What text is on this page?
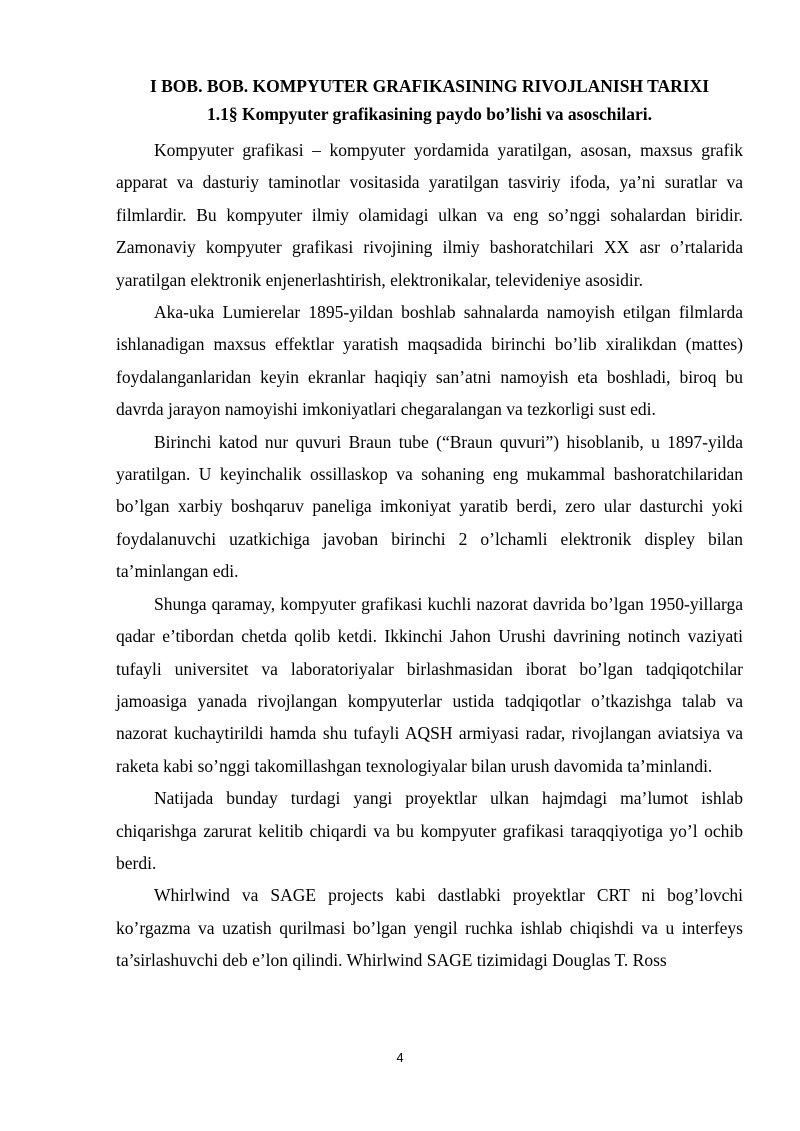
I BOB. BOB. KOMPYUTER GRAFIKASINING RIVOJLANISH TARIXI
1.1§ Kompyuter grafikasining paydo bo’lishi va asoschilari.

Kompyuter grafikasi – kompyuter yordamida yaratilgan, asosan, maxsus grafik apparat va dasturiy taminotlar vositasida yaratilgan tasviriy ifoda, ya’ni suratlar va filmlardir. Bu kompyuter ilmiy olamidagi ulkan va eng so’nggi sohalardan biridir. Zamonaviy kompyuter grafikasi rivojining ilmiy bashoratchilari XX asr o’rtalarida yaratilgan elektronik enjenerlashtirish, elektronikalar, televideniye asosidir.

Aka-uka Lumierelar 1895-yildan boshlab sahnalarda namoyish etilgan filmlarda ishlanadigan maxsus effektlar yaratish maqsadida birinchi bo’lib xiralikdan (mattes) foydalanganlaridan keyin ekranlar haqiqiy san’atni namoyish eta boshladi, biroq bu davrda jarayon namoyishi imkoniyatlari chegaralangan va tezkorligi sust edi.

Birinchi katod nur quvuri Braun tube (“Braun quvuri”) hisoblanib, u 1897-yilda yaratilgan. U keyinchalik ossillaskop va sohaning eng mukammal bashoratchilaridan bo’lgan xarbiy boshqaruv paneliga imkoniyat yaratib berdi, zero ular dasturchi yoki foydalanuvchi uzatkichiga javoban birinchi 2 o’lchamli elektronik displey bilan ta’minlangan edi.

Shunga qaramay, kompyuter grafikasi kuchli nazorat davrida bo’lgan 1950-yillarga qadar e’tibordan chetda qolib ketdi. Ikkinchi Jahon Urushi davrining notinch vaziyati tufayli universitet va laboratoriyalar birlashmasidan iborat bo’lgan tadqiqotchilar jamoasiga yanada rivojlangan kompyuterlar ustida tadqiqotlar o’tkazishga talab va nazorat kuchaytirildi hamda shu tufayli AQSH armiyasi radar, rivojlangan aviatsiya va raketa kabi so’nggi takomillashgan texnologiyalar bilan urush davomida ta’minlandi.

Natijada bunday turdagi yangi proyektlar ulkan hajmdagi ma’lumot ishlab chiqarishga zarurat kelitib chiqardi va bu kompyuter grafikasi taraqqiyotiga yo’l ochib berdi.

Whirlwind va SAGE projects kabi dastlabki proyektlar CRT ni bog’lovchi ko’rgazma va uzatish qurilmasi bo’lgan yengil ruchka ishlab chiqishdi va u interfeys ta’sirlashuvchi deb e’lon qilindi. Whirlwind SAGE tizimidagi Douglas T. Ross

4
